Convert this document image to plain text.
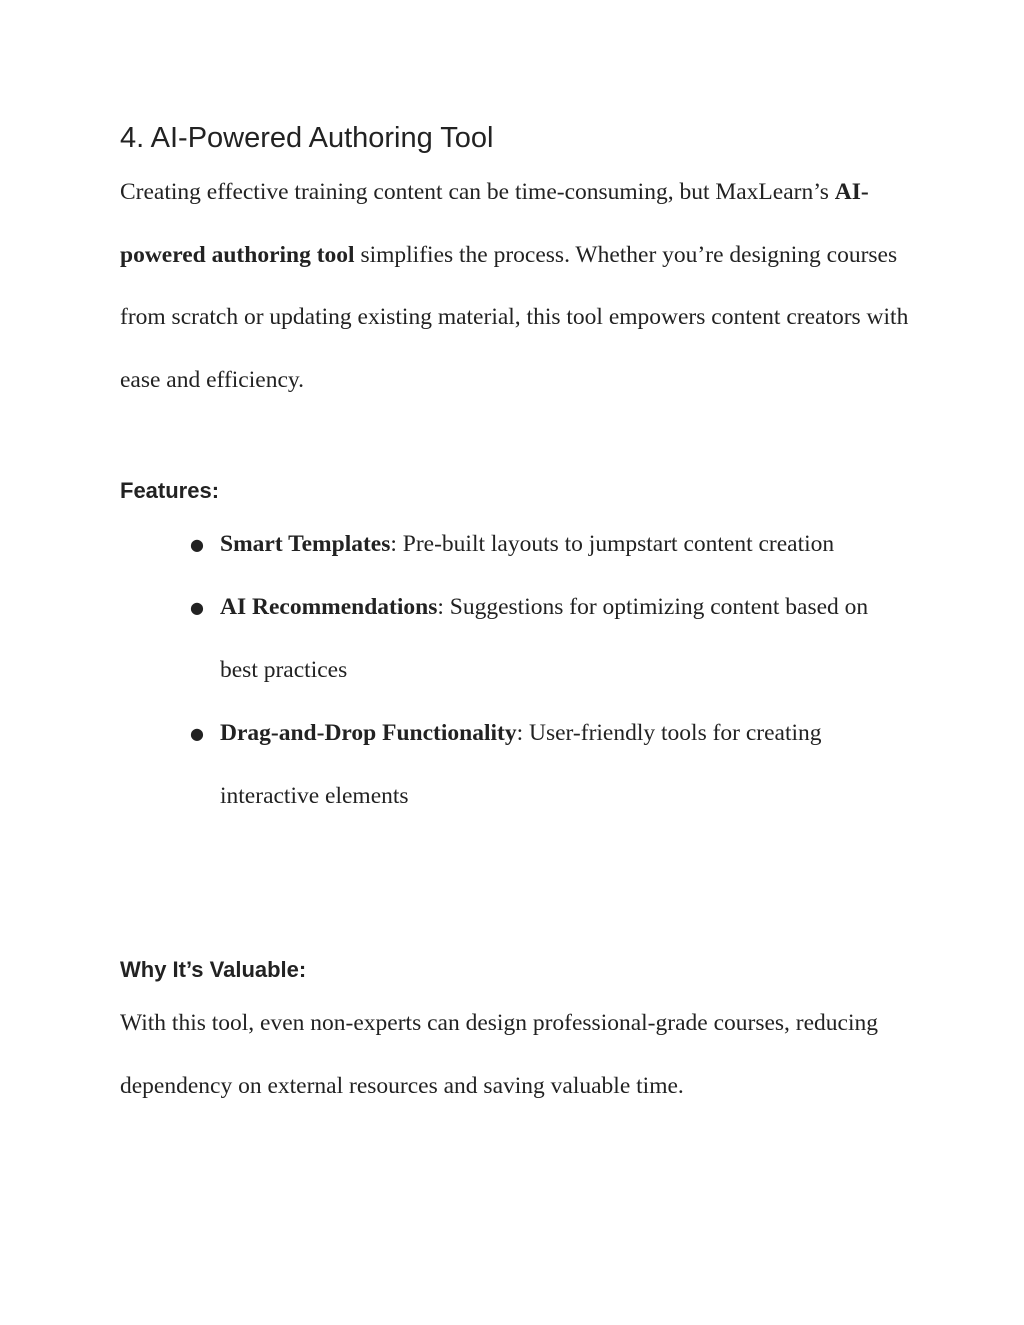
4. AI-Powered Authoring Tool

Creating effective training content can be time-consuming, but MaxLearn’s AI-powered authoring tool simplifies the process. Whether you’re designing courses from scratch or updating existing material, this tool empowers content creators with ease and efficiency.

Features:
● Smart Templates: Pre-built layouts to jumpstart content creation
● AI Recommendations: Suggestions for optimizing content based on best practices
● Drag-and-Drop Functionality: User-friendly tools for creating interactive elements
Why It’s Valuable:

With this tool, even non-experts can design professional-grade courses, reducing dependency on external resources and saving valuable time.
